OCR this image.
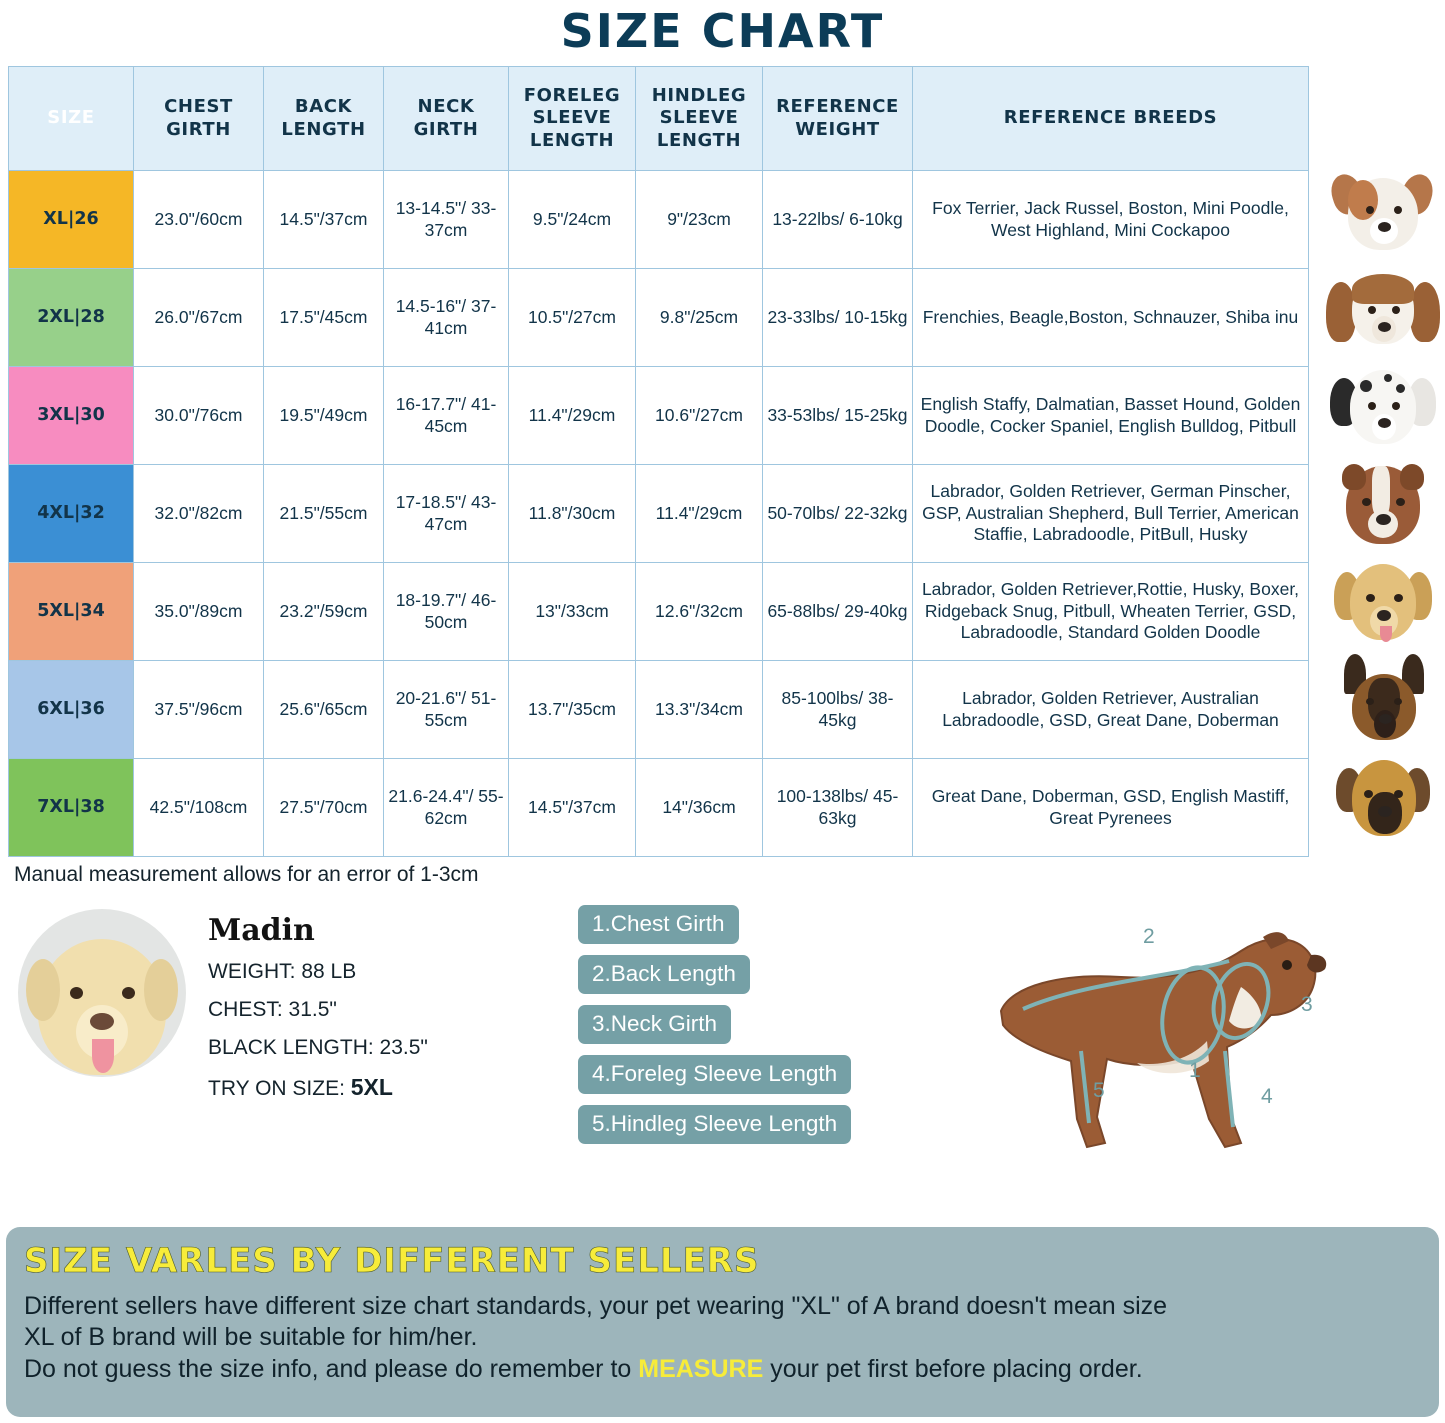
SIZE CHART
SIZE	CHEST GIRTH	BACK LENGTH	NECK GIRTH	FORELEG SLEEVE LENGTH	HINDLEG SLEEVE LENGTH	REFERENCE WEIGHT	REFERENCE BREEDS
XL|26	23.0"/60cm	14.5"/37cm	13-14.5"/ 33-37cm	9.5"/24cm	9"/23cm	13-22lbs/ 6-10kg	Fox Terrier, Jack Russel, Boston, Mini Poodle, West Highland, Mini Cockapoo
2XL|28	26.0"/67cm	17.5"/45cm	14.5-16"/ 37-41cm	10.5"/27cm	9.8"/25cm	23-33lbs/ 10-15kg	Frenchies, Beagle,Boston, Schnauzer, Shiba inu
3XL|30	30.0"/76cm	19.5"/49cm	16-17.7"/ 41-45cm	11.4"/29cm	10.6"/27cm	33-53lbs/ 15-25kg	English Staffy, Dalmatian, Basset Hound, Golden Doodle, Cocker Spaniel, English Bulldog, Pitbull
4XL|32	32.0"/82cm	21.5"/55cm	17-18.5"/ 43-47cm	11.8"/30cm	11.4"/29cm	50-70lbs/ 22-32kg	Labrador, Golden Retriever, German Pinscher, GSP, Australian Shepherd, Bull Terrier, American Staffie, Labradoodle, PitBull, Husky
5XL|34	35.0"/89cm	23.2"/59cm	18-19.7"/ 46-50cm	13"/33cm	12.6"/32cm	65-88lbs/ 29-40kg	Labrador, Golden Retriever,Rottie, Husky, Boxer, Ridgeback Snug, Pitbull, Wheaten Terrier, GSD, Labradoodle, Standard Golden Doodle
6XL|36	37.5"/96cm	25.6"/65cm	20-21.6"/ 51-55cm	13.7"/35cm	13.3"/34cm	85-100lbs/ 38-45kg	Labrador, Golden Retriever, Australian Labradoodle, GSD, Great Dane, Doberman
7XL|38	42.5"/108cm	27.5"/70cm	21.6-24.4"/ 55-62cm	14.5"/37cm	14"/36cm	100-138lbs/ 45-63kg	Great Dane, Doberman, GSD, English Mastiff, Great Pyrenees
Manual measurement allows for an error of 1-3cm
Madin
WEIGHT: 88 LB
CHEST: 31.5"
BLACK LENGTH: 23.5"
TRY ON SIZE: 5XL
1.Chest Girth
2.Back Length
3.Neck Girth
4.Foreleg Sleeve Length
5.Hindleg Sleeve Length
1
2
3
4
5
SIZE VARLES BY DIFFERENT SELLERS

Different sellers have different size chart standards, your pet wearing "XL" of A brand doesn't mean size

XL of B brand will be suitable for him/her.

Do not guess the size info, and please do remember to MEASURE your pet first before placing order.
